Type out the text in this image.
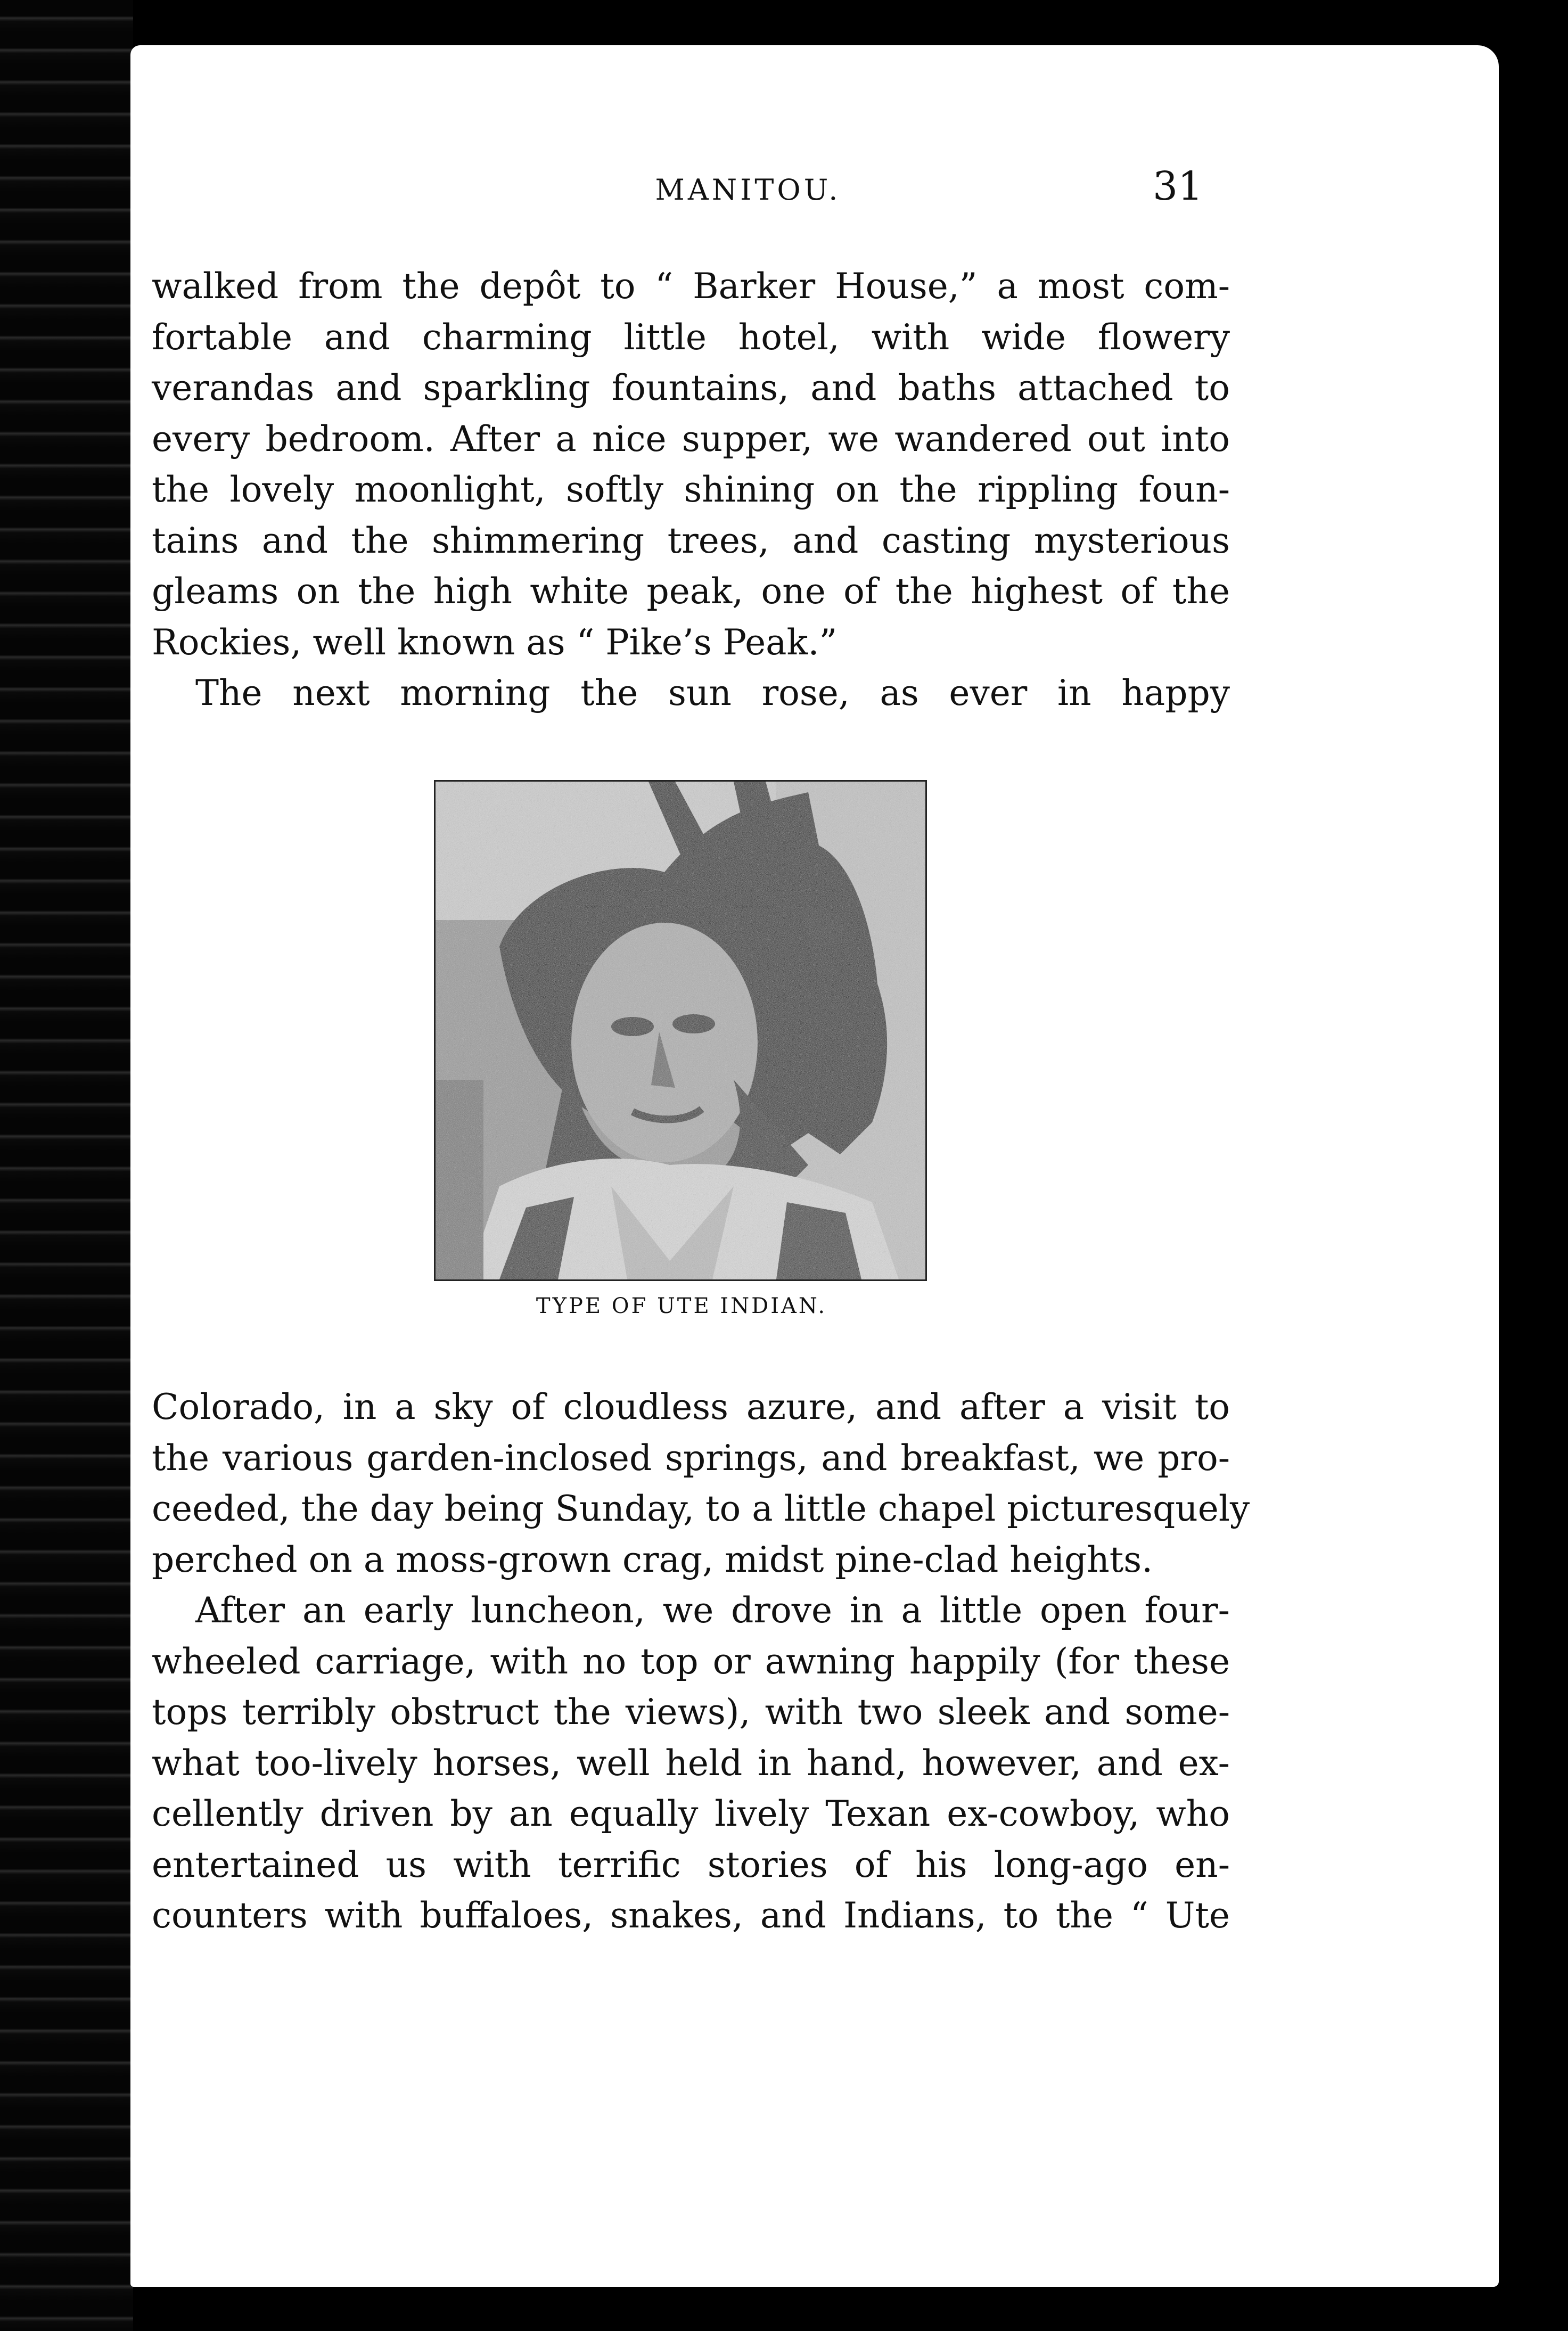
MANITOU.	31
walked from the depôt to “ Barker House,” a most com-
fortable and charming little hotel, with wide flowery
verandas and sparkling fountains, and baths attached to
every bedroom. After a nice supper, we wandered out into
the lovely moonlight, softly shining on the rippling foun-
tains and the shimmering trees, and casting mysterious
gleams on the high white peak, one of the highest of the
Rockies, well known as “ Pike’s Peak.”
The next morning the sun rose, as ever in happy
TYPE OF UTE INDIAN.
Colorado, in a sky of cloudless azure, and after a visit to
the various garden-inclosed springs, and breakfast, we pro-
ceeded, the day being Sunday, to a little chapel picturesquely
perched on a moss-grown crag, midst pine-clad heights.
After an early luncheon, we drove in a little open four-
wheeled carriage, with no top or awning happily (for these
tops terribly obstruct the views), with two sleek and some-
what too-lively horses, well held in hand, however, and ex-
cellently driven by an equally lively Texan ex-cowboy, who
entertained us with terrific stories of his long-ago en-
counters with buffaloes, snakes, and Indians, to the “ Ute
